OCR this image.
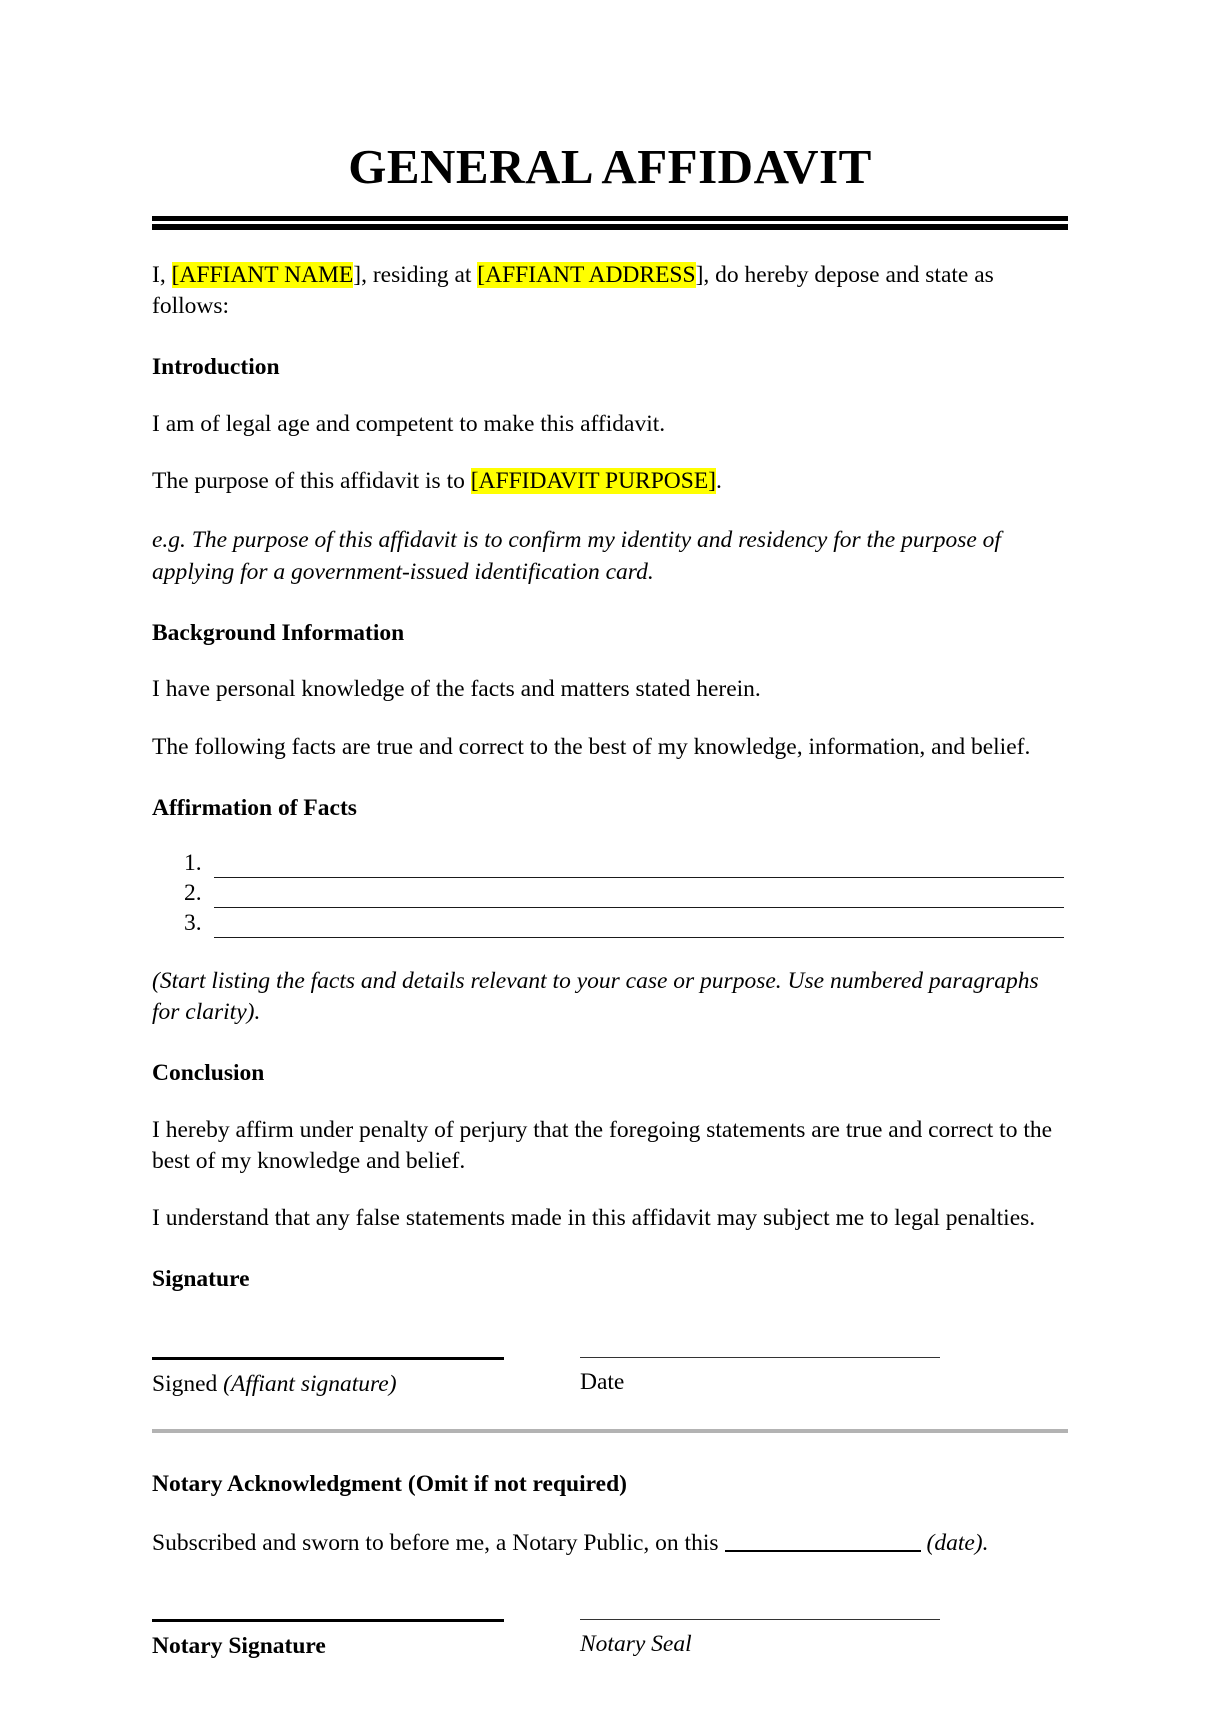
GENERAL AFFIDAVIT

I, [AFFIANT NAME], residing at [AFFIANT ADDRESS], do hereby depose and state as follows:

Introduction

I am of legal age and competent to make this affidavit.

The purpose of this affidavit is to [AFFIDAVIT PURPOSE].

e.g. The purpose of this affidavit is to confirm my identity and residency for the purpose of applying for a government-issued identification card.

Background Information

I have personal knowledge of the facts and matters stated herein.

The following facts are true and correct to the best of my knowledge, information, and belief.

Affirmation of Facts
1.
2.
3.

(Start listing the facts and details relevant to your case or purpose. Use numbered paragraphs for clarity).

Conclusion

I hereby affirm under penalty of perjury that the foregoing statements are true and correct to the best of my knowledge and belief.

I understand that any false statements made in this affidavit may subject me to legal penalties.

Signature
Signed (Affiant signature)	Date
Notary Acknowledgment (Omit if not required)
Subscribed and sworn to before me, a Notary Public, on this	(date).
Notary Signature	Notary Seal
